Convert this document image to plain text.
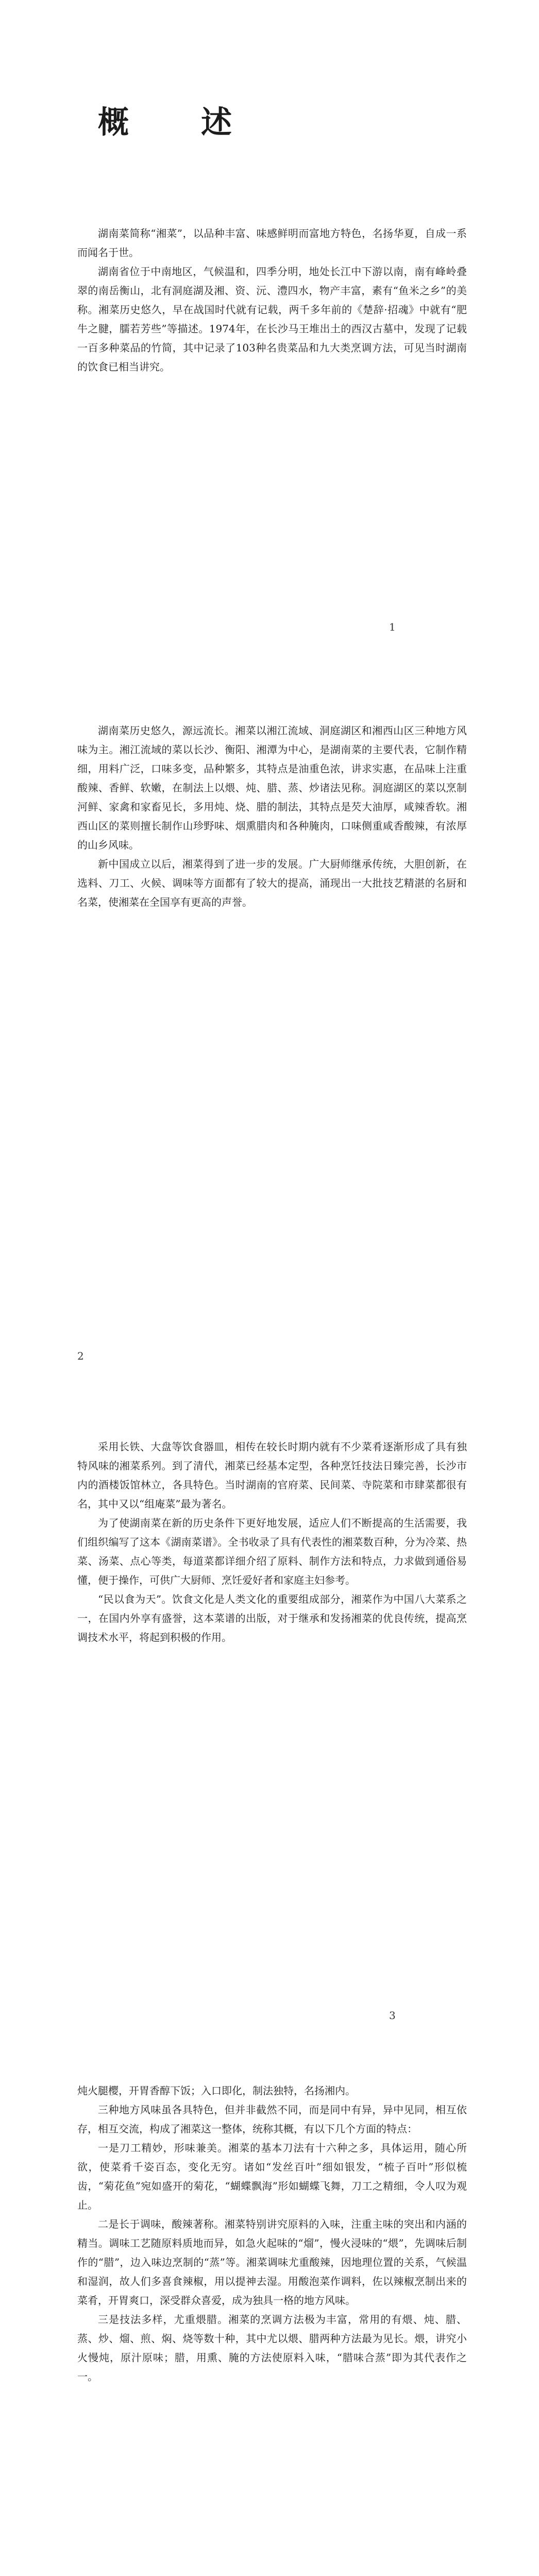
概　述

湖南菜简称“湘菜”，以品种丰富、味感鲜明而富地方特色，名扬华夏，自成一系而闻名于世。

湖南省位于中南地区，气候温和，四季分明，地处长江中下游以南，南有峰岭叠翠的南岳衡山，北有洞庭湖及湘、资、沅、澧四水，物产丰富，素有“鱼米之乡”的美称。湘菜历史悠久，早在战国时代就有记载，两千多年前的《楚辞·招魂》中就有“肥牛之腱，臑若芳些”等描述。1974年，在长沙马王堆出土的西汉古墓中，发现了记载一百多种菜品的竹简，其中记录了103种名贵菜品和九大类烹调方法，可见当时湖南的饮食已相当讲究。

1

湖南菜历史悠久，源远流长。湘菜以湘江流域、洞庭湖区和湘西山区三种地方风味为主。湘江流域的菜以长沙、衡阳、湘潭为中心，是湖南菜的主要代表，它制作精细，用料广泛，口味多变，品种繁多，其特点是油重色浓，讲求实惠，在品味上注重酸辣、香鲜、软嫩，在制法上以煨、炖、腊、蒸、炒诸法见称。洞庭湖区的菜以烹制河鲜、家禽和家畜见长，多用炖、烧、腊的制法，其特点是芡大油厚，咸辣香软。湘西山区的菜则擅长制作山珍野味、烟熏腊肉和各种腌肉，口味侧重咸香酸辣，有浓厚的山乡风味。

新中国成立以后，湘菜得到了进一步的发展。广大厨师继承传统，大胆创新，在选料、刀工、火候、调味等方面都有了较大的提高，涌现出一大批技艺精湛的名厨和名菜，使湘菜在全国享有更高的声誉。

2

采用长铁、大盘等饮食器皿，相传在较长时期内就有不少菜肴逐渐形成了具有独特风味的湘菜系列。到了清代，湘菜已经基本定型，各种烹饪技法日臻完善，长沙市内的酒楼饭馆林立，各具特色。当时湖南的官府菜、民间菜、寺院菜和市肆菜都很有名，其中又以“组庵菜”最为著名。

为了使湖南菜在新的历史条件下更好地发展，适应人们不断提高的生活需要，我们组织编写了这本《湖南菜谱》。全书收录了具有代表性的湘菜数百种，分为冷菜、热菜、汤菜、点心等类，每道菜都详细介绍了原料、制作方法和特点，力求做到通俗易懂，便于操作，可供广大厨师、烹饪爱好者和家庭主妇参考。

“民以食为天”。饮食文化是人类文化的重要组成部分，湘菜作为中国八大菜系之一，在国内外享有盛誉，这本菜谱的出版，对于继承和发扬湘菜的优良传统，提高烹调技术水平，将起到积极的作用。

3

炖火腿樱，开胃香醇下饭；入口即化，制法独特，名扬湘内。

三种地方风味虽各具特色，但并非截然不同，而是同中有异，异中见同，相互依存，相互交流，构成了湘菜这一整体，统称其概，有以下几个方面的特点：

一是刀工精妙，形味兼美。湘菜的基本刀法有十六种之多，具体运用，随心所欲，使菜肴千姿百态，变化无穷。诸如“发丝百叶”细如银发，“梳子百叶”形似梳齿，“菊花鱼”宛如盛开的菊花，“蝴蝶飘海”形如蝴蝶飞舞，刀工之精细，令人叹为观止。

二是长于调味，酸辣著称。湘菜特别讲究原料的入味，注重主味的突出和内涵的精当。调味工艺随原料质地而异，如急火起味的“熘”，慢火浸味的“煨”，先调味后制作的“腊”，边入味边烹制的“蒸”等。湘菜调味尤重酸辣，因地理位置的关系，气候温和湿润，故人们多喜食辣椒，用以提神去湿。用酸泡菜作调料，佐以辣椒烹制出来的菜肴，开胃爽口，深受群众喜爱，成为独具一格的地方风味。

三是技法多样，尤重煨腊。湘菜的烹调方法极为丰富，常用的有煨、炖、腊、蒸、炒、熘、煎、焖、烧等数十种，其中尤以煨、腊两种方法最为见长。煨，讲究小火慢炖，原汁原味；腊，用熏、腌的方法使原料入味，“腊味合蒸”即为其代表作之一。
